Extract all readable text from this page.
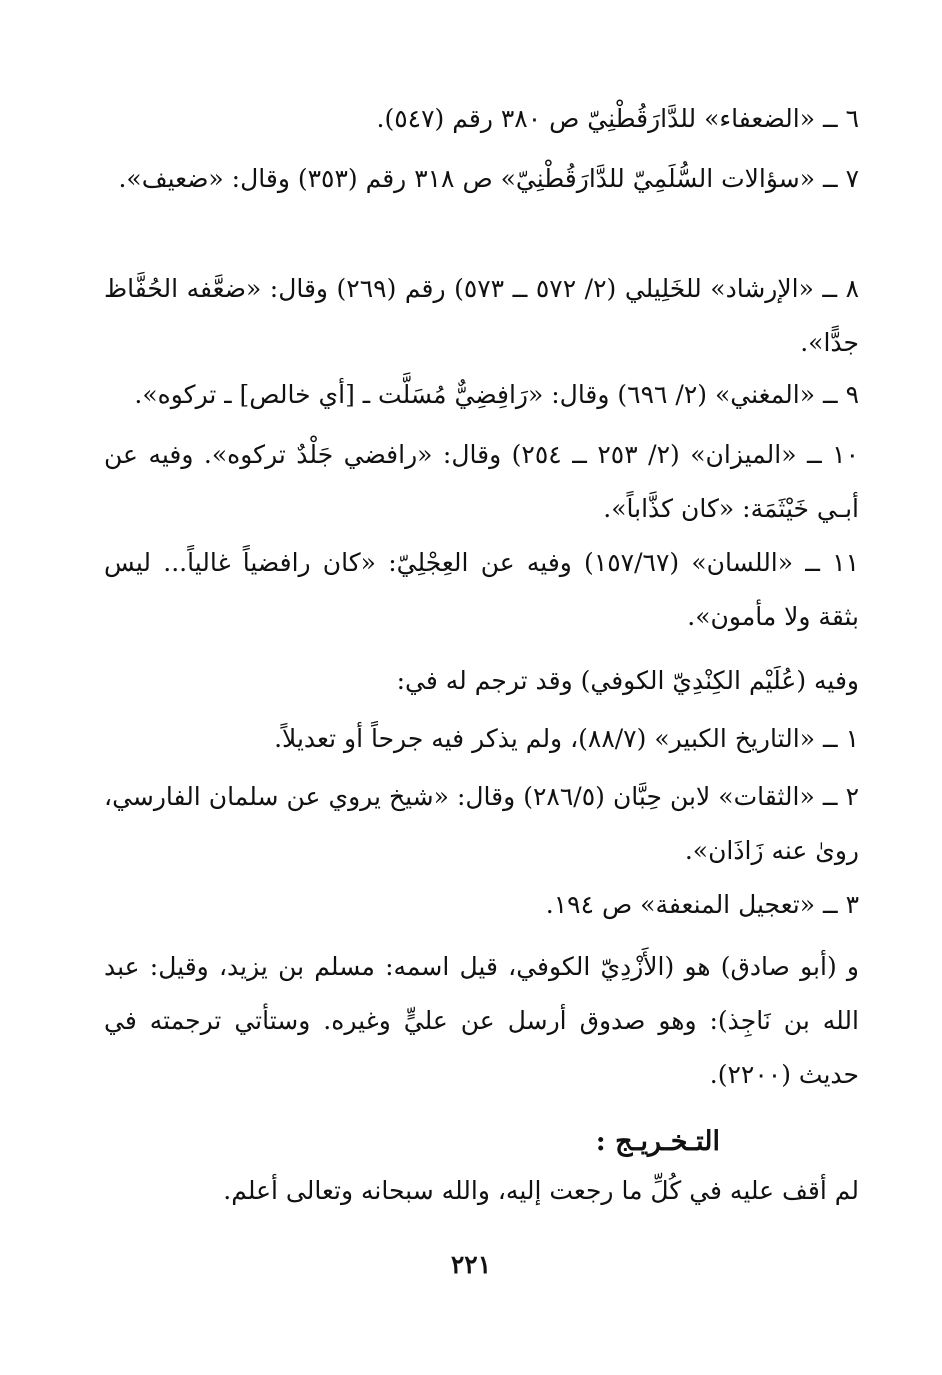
٦ ــ «الضعفاء» للدَّارَقُطْنِيّ ص ٣٨٠ رقم (٥٤٧).
٧ ــ «سؤالات السُّلَمِيّ للدَّارَقُطْنِيّ» ص ٣١٨ رقم (٣٥٣) وقال: «ضعيف».
٨ ــ «الإرشاد» للخَلِيلي (٢/ ٥٧٢ ــ ٥٧٣) رقم (٢٦٩) وقال: «ضعَّفه الحُفَّاظ جدًّا».
٩ ــ «المغني» (٢/ ٦٩٦) وقال: «رَافِضِيٌّ مُسَلَّت ـ [أي خالص] ـ تركوه».
١٠ ــ «الميزان» (٢/ ٢٥٣ ــ ٢٥٤) وقال: «رافضي جَلْدٌ تركوه». وفيه عن أبـي خَيْثَمَة: «كان كذَّاباً».
١١ ــ «اللسان» (١٥٧/٦٧) وفيه عن العِجْلِيّ: «كان رافضياً غالياً... ليس بثقة ولا مأمون».
وفيه (عُلَيْم الكِنْدِيّ الكوفي) وقد ترجم له في:
١ ــ «التاريخ الكبير» (٨٨/٧)، ولم يذكر فيه جرحاً أو تعديلاً.
٢ ــ «الثقات» لابن حِبَّان (٢٨٦/٥) وقال: «شيخ يروي عن سلمان الفارسي، روىٰ عنه زَاذَان».
٣ ــ «تعجيل المنعفة» ص ١٩٤.
و (أبو صادق) هو (الأَزْدِيّ الكوفي، قيل اسمه: مسلم بن يزيد، وقيل: عبد الله بن نَاجِذ): وهو صدوق أرسل عن عليٍّ وغيره. وستأتي ترجمته في حديث (٢٢٠٠).
التـخـريـج :
لم أقف عليه في كُلِّ ما رجعت إليه، والله سبحانه وتعالى أعلم.
٢٢١
